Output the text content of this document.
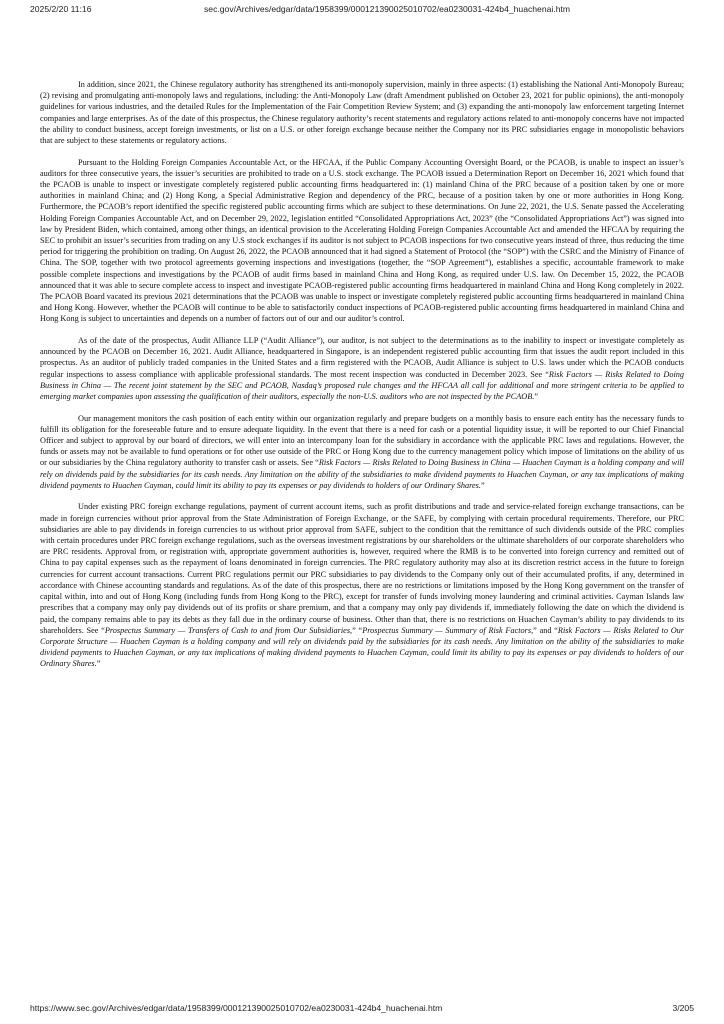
2025/2/20 11:16	sec.gov/Archives/edgar/data/1958399/000121390025010702/ea0230031-424b4_huachenai.htm

In addition, since 2021, the Chinese regulatory authority has strengthened its anti-monopoly supervision, mainly in three aspects: (1) establishing the National Anti-Monopoly Bureau; (2) revising and promulgating anti-monopoly laws and regulations, including: the Anti-Monopoly Law (draft Amendment published on October 23, 2021 for public opinions), the anti-monopoly guidelines for various industries, and the detailed Rules for the Implementation of the Fair Competition Review System; and (3) expanding the anti-monopoly law enforcement targeting Internet companies and large enterprises. As of the date of this prospectus, the Chinese regulatory authority’s recent statements and regulatory actions related to anti-monopoly concerns have not impacted the ability to conduct business, accept foreign investments, or list on a U.S. or other foreign exchange because neither the Company nor its PRC subsidiaries engage in monopolistic behaviors that are subject to these statements or regulatory actions.

Pursuant to the Holding Foreign Companies Accountable Act, or the HFCAA, if the Public Company Accounting Oversight Board, or the PCAOB, is unable to inspect an issuer’s auditors for three consecutive years, the issuer’s securities are prohibited to trade on a U.S. stock exchange. The PCAOB issued a Determination Report on December 16, 2021 which found that the PCAOB is unable to inspect or investigate completely registered public accounting firms headquartered in: (1) mainland China of the PRC because of a position taken by one or more authorities in mainland China; and (2) Hong Kong, a Special Administrative Region and dependency of the PRC, because of a position taken by one or more authorities in Hong Kong. Furthermore, the PCAOB’s report identified the specific registered public accounting firms which are subject to these determinations. On June 22, 2021, the U.S. Senate passed the Accelerating Holding Foreign Companies Accountable Act, and on December 29, 2022, legislation entitled “Consolidated Appropriations Act, 2023” (the “Consolidated Appropriations Act”) was signed into law by President Biden, which contained, among other things, an identical provision to the Accelerating Holding Foreign Companies Accountable Act and amended the HFCAA by requiring the SEC to prohibit an issuer’s securities from trading on any U.S stock exchanges if its auditor is not subject to PCAOB inspections for two consecutive years instead of three, thus reducing the time period for triggering the prohibition on trading. On August 26, 2022, the PCAOB announced that it had signed a Statement of Protocol (the “SOP”) with the CSRC and the Ministry of Finance of China. The SOP, together with two protocol agreements governing inspections and investigations (together, the “SOP Agreement”), establishes a specific, accountable framework to make possible complete inspections and investigations by the PCAOB of audit firms based in mainland China and Hong Kong, as required under U.S. law. On December 15, 2022, the PCAOB announced that it was able to secure complete access to inspect and investigate PCAOB-registered public accounting firms headquartered in mainland China and Hong Kong completely in 2022. The PCAOB Board vacated its previous 2021 determinations that the PCAOB was unable to inspect or investigate completely registered public accounting firms headquartered in mainland China and Hong Kong. However, whether the PCAOB will continue to be able to satisfactorily conduct inspections of PCAOB-registered public accounting firms headquartered in mainland China and Hong Kong is subject to uncertainties and depends on a number of factors out of our and our auditor’s control.

As of the date of the prospectus, Audit Alliance LLP (“Audit Alliance”), our auditor, is not subject to the determinations as to the inability to inspect or investigate completely as announced by the PCAOB on December 16, 2021. Audit Alliance, headquartered in Singapore, is an independent registered public accounting firm that issues the audit report included in this prospectus. As an auditor of publicly traded companies in the United States and a firm registered with the PCAOB, Audit Alliance is subject to U.S. laws under which the PCAOB conducts regular inspections to assess compliance with applicable professional standards. The most recent inspection was conducted in December 2023. See “Risk Factors — Risks Related to Doing Business in China — The recent joint statement by the SEC and PCAOB, Nasdaq’s proposed rule changes and the HFCAA all call for additional and more stringent criteria to be applied to emerging market companies upon assessing the qualification of their auditors, especially the non-U.S. auditors who are not inspected by the PCAOB.”

Our management monitors the cash position of each entity within our organization regularly and prepare budgets on a monthly basis to ensure each entity has the necessary funds to fulfill its obligation for the foreseeable future and to ensure adequate liquidity. In the event that there is a need for cash or a potential liquidity issue, it will be reported to our Chief Financial Officer and subject to approval by our board of directors, we will enter into an intercompany loan for the subsidiary in accordance with the applicable PRC laws and regulations. However, the funds or assets may not be available to fund operations or for other use outside of the PRC or Hong Kong due to the currency management policy which impose of limitations on the ability of us or our subsidiaries by the China regulatory authority to transfer cash or assets. See “Risk Factors — Risks Related to Doing Business in China — Huachen Cayman is a holding company and will rely on dividends paid by the subsidiaries for its cash needs. Any limitation on the ability of the subsidiaries to make dividend payments to Huachen Cayman, or any tax implications of making dividend payments to Huachen Cayman, could limit its ability to pay its expenses or pay dividends to holders of our Ordinary Shares.”

Under existing PRC foreign exchange regulations, payment of current account items, such as profit distributions and trade and service-related foreign exchange transactions, can be made in foreign currencies without prior approval from the State Administration of Foreign Exchange, or the SAFE, by complying with certain procedural requirements. Therefore, our PRC subsidiaries are able to pay dividends in foreign currencies to us without prior approval from SAFE, subject to the condition that the remittance of such dividends outside of the PRC complies with certain procedures under PRC foreign exchange regulations, such as the overseas investment registrations by our shareholders or the ultimate shareholders of our corporate shareholders who are PRC residents. Approval from, or registration with, appropriate government authorities is, however, required where the RMB is to be converted into foreign currency and remitted out of China to pay capital expenses such as the repayment of loans denominated in foreign currencies. The PRC regulatory authority may also at its discretion restrict access in the future to foreign currencies for current account transactions. Current PRC regulations permit our PRC subsidiaries to pay dividends to the Company only out of their accumulated profits, if any, determined in accordance with Chinese accounting standards and regulations. As of the date of this prospectus, there are no restrictions or limitations imposed by the Hong Kong government on the transfer of capital within, into and out of Hong Kong (including funds from Hong Kong to the PRC), except for transfer of funds involving money laundering and criminal activities. Cayman Islands law prescribes that a company may only pay dividends out of its profits or share premium, and that a company may only pay dividends if, immediately following the date on which the dividend is paid, the company remains able to pay its debts as they fall due in the ordinary course of business. Other than that, there is no restrictions on Huachen Cayman’s ability to pay dividends to its shareholders. See “Prospectus Summary — Transfers of Cash to and from Our Subsidiaries,” “Prospectus Summary — Summary of Risk Factors,” and “Risk Factors — Risks Related to Our Corporate Structure — Huachen Cayman is a holding company and will rely on dividends paid by the subsidiaries for its cash needs. Any limitation on the ability of the subsidiaries to make dividend payments to Huachen Cayman, or any tax implications of making dividend payments to Huachen Cayman, could limit its ability to pay its expenses or pay dividends to holders of our Ordinary Shares.”

https://www.sec.gov/Archives/edgar/data/1958399/000121390025010702/ea0230031-424b4_huachenai.htm	3/205
